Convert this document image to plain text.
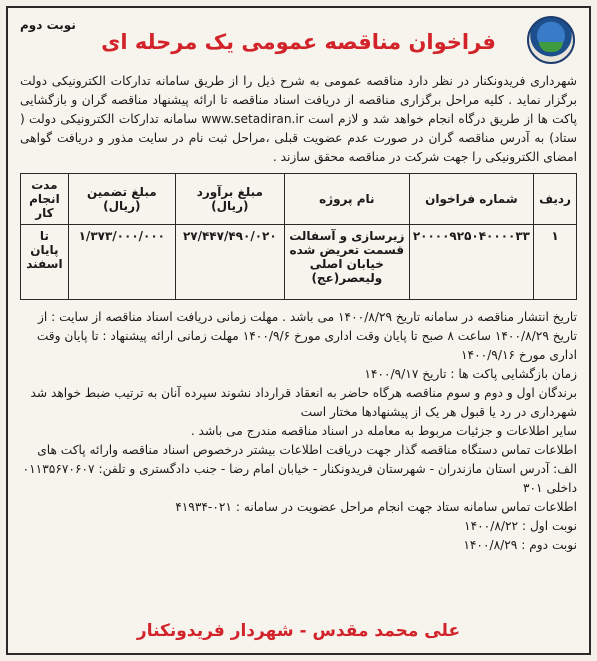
فراخوان مناقصه عمومی یک مرحله ای
نوبت دوم

شهرداری فریدونکنار در نظر دارد مناقصه عمومی به شرح ذیل را از طریق سامانه تدارکات الکترونیکی دولت برگزار نماید . کلیه مراحل برگزاری مناقصه از دریافت اسناد مناقصه تا ارائه پیشنهاد مناقصه گران و بازگشایی پاکت ها از طریق درگاه انجام خواهد شد و لازم است www.setadiran.ir سامانه تدارکات الکترونیکی دولت ( ستاد) به آدرس مناقصه گران در صورت عدم عضویت قبلی ،مراحل ثبت نام در سایت مذور و دریافت گواهی امضای الکترونیکی را جهت شرکت در مناقصه محقق سازند .

ردیف	شماره فراخوان	نام پروژه	مبلغ برآورد (ریال)	مبلغ تضمین (ریال)	مدت انجام کار
۱	۲۰۰۰۰۹۲۵۰۴۰۰۰۰۳۳	زیرسازی و آسفالت قسمت تعریض شده خیابان اصلی ولیعصر(عج)	۲۷/۴۴۷/۴۹۰/۰۲۰	۱/۳۷۳/۰۰۰/۰۰۰	تا پایان اسفند

تاریخ انتشار مناقصه در سامانه تاریخ ۱۴۰۰/۸/۲۹ می باشد . مهلت زمانی دریافت اسناد مناقصه از سایت : از تاریخ ۱۴۰۰/۸/۲۹ ساعت ۸ صبح تا پایان وقت اداری مورخ ۱۴۰۰/۹/۶ مهلت زمانی ارائه پیشنهاد : تا پایان وقت اداری مورخ ۱۴۰۰/۹/۱۶

زمان بازگشایی پاکت ها : تاریخ ۱۴۰۰/۹/۱۷

برندگان اول و دوم و سوم مناقصه هرگاه حاضر به انعقاد قرارداد نشوند سپرده آنان به ترتیب ضبط خواهد شد

شهرداری در رد یا قبول هر یک از پیشنهادها مختار است

سایر اطلاعات و جزئیات مربوط به معامله در اسناد مناقصه مندرج می باشد .

اطلاعات تماس دستگاه مناقصه گذار جهت دریافت اطلاعات بیشتر درخصوص اسناد مناقصه وارائه پاکت های الف: آدرس استان مازندران - شهرستان فریدونکنار - خیابان امام رضا - جنب دادگستری و تلفن: ۰۱۱۳۵۶۷۰۶۰۷ داخلی ۳۰۱

اطلاعات تماس سامانه ستاد جهت انجام مراحل عضویت در سامانه : ۰۲۱-۴۱۹۳۴

نوبت اول : ۱۴۰۰/۸/۲۲

نوبت دوم : ۱۴۰۰/۸/۲۹

علی محمد مقدس - شهردار فریدونکنار
